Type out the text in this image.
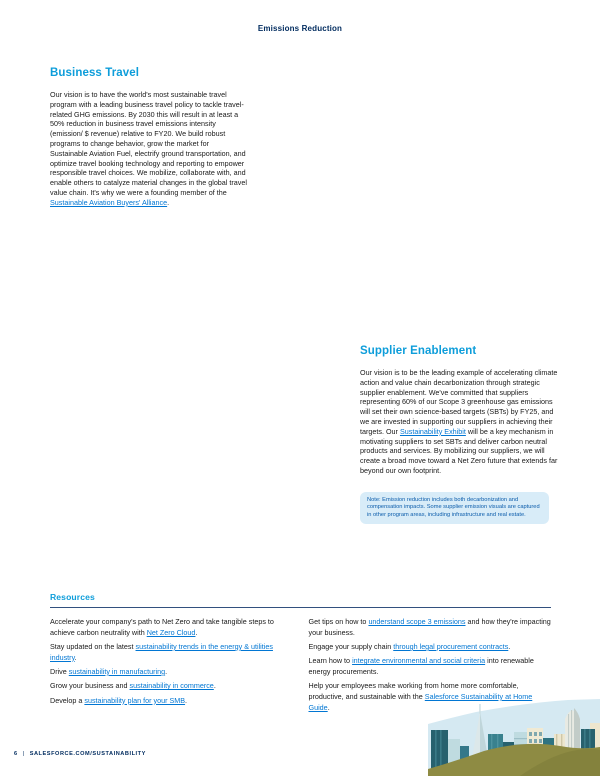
Emissions Reduction
Business Travel

Our vision is to have the world's most sustainable travel program with a leading business travel policy to tackle travel-related GHG emissions. By 2030 this will result in at least a 50% reduction in business travel emissions intensity (emission/ $ revenue) relative to FY20. We build robust programs to change behavior, grow the market for Sustainable Aviation Fuel, electrify ground transportation, and optimize travel booking technology and reporting to empower responsible travel choices. We mobilize, collaborate with, and enable others to catalyze material changes in the global travel value chain. It's why we were a founding member of the Sustainable Aviation Buyers' Alliance.

Supplier Enablement

Our vision is to be the leading example of accelerating climate action and value chain decarbonization through strategic supplier enablement. We've committed that suppliers representing 60% of our Scope 3 greenhouse gas emissions will set their own science-based targets (SBTs) by FY25, and we are invested in supporting our suppliers in achieving their targets. Our Sustainability Exhibit will be a key mechanism in motivating suppliers to set SBTs and deliver carbon neutral products and services. By mobilizing our suppliers, we will create a broad move toward a Net Zero future that extends far beyond our own footprint.

Note: Emission reduction includes both decarbonization and compensation impacts. Some supplier emission visuals are captured in other program areas, including infrastructure and real estate.
Resources

Accelerate your company's path to Net Zero and take tangible steps to achieve carbon neutrality with Net Zero Cloud.

Stay updated on the latest sustainability trends in the energy & utilities industry.

Drive sustainability in manufacturing.

Grow your business and sustainability in commerce.

Develop a sustainability plan for your SMB.

Get tips on how to understand scope 3 emissions and how they're impacting your business.

Engage your supply chain through legal procurement contracts.

Learn how to integrate environmental and social criteria into renewable energy procurements.

Help your employees make working from home more comfortable, productive, and sustainable with the Salesforce Sustainability at Home Guide.

6 | SALESFORCE.COM/SUSTAINABILITY
